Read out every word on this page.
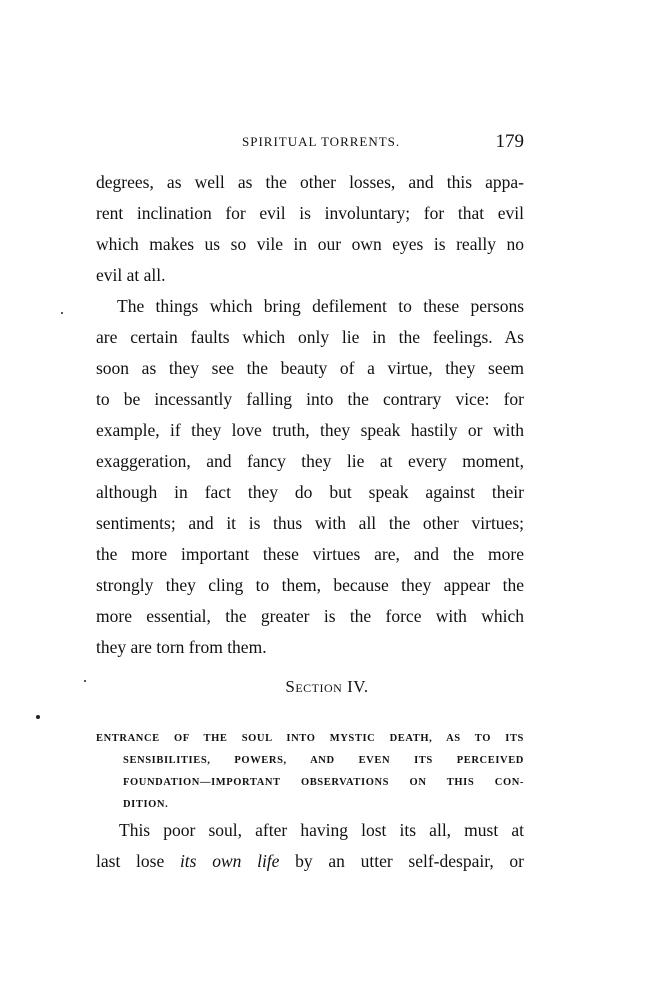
SPIRITUAL TORRENTS.	179
degrees, as well as the other losses, and this appa-
rent inclination for evil is involuntary; for that evil
which makes us so vile in our own eyes is really no
evil at all.
The things which bring defilement to these persons
are certain faults which only lie in the feelings. As
soon as they see the beauty of a virtue, they seem
to be incessantly falling into the contrary vice: for
example, if they love truth, they speak hastily or with
exaggeration, and fancy they lie at every moment,
although in fact they do but speak against their
sentiments; and it is thus with all the other virtues;
the more important these virtues are, and the more
strongly they cling to them, because they appear the
more essential, the greater is the force with which
they are torn from them.
Section IV.
ENTRANCE OF THE SOUL INTO MYSTIC DEATH, AS TO ITS
SENSIBILITIES, POWERS, AND EVEN ITS PERCEIVED
FOUNDATION—IMPORTANT OBSERVATIONS ON THIS CON-
DITION.
This poor soul, after having lost its all, must at
last lose its own life by an utter self-despair, or
